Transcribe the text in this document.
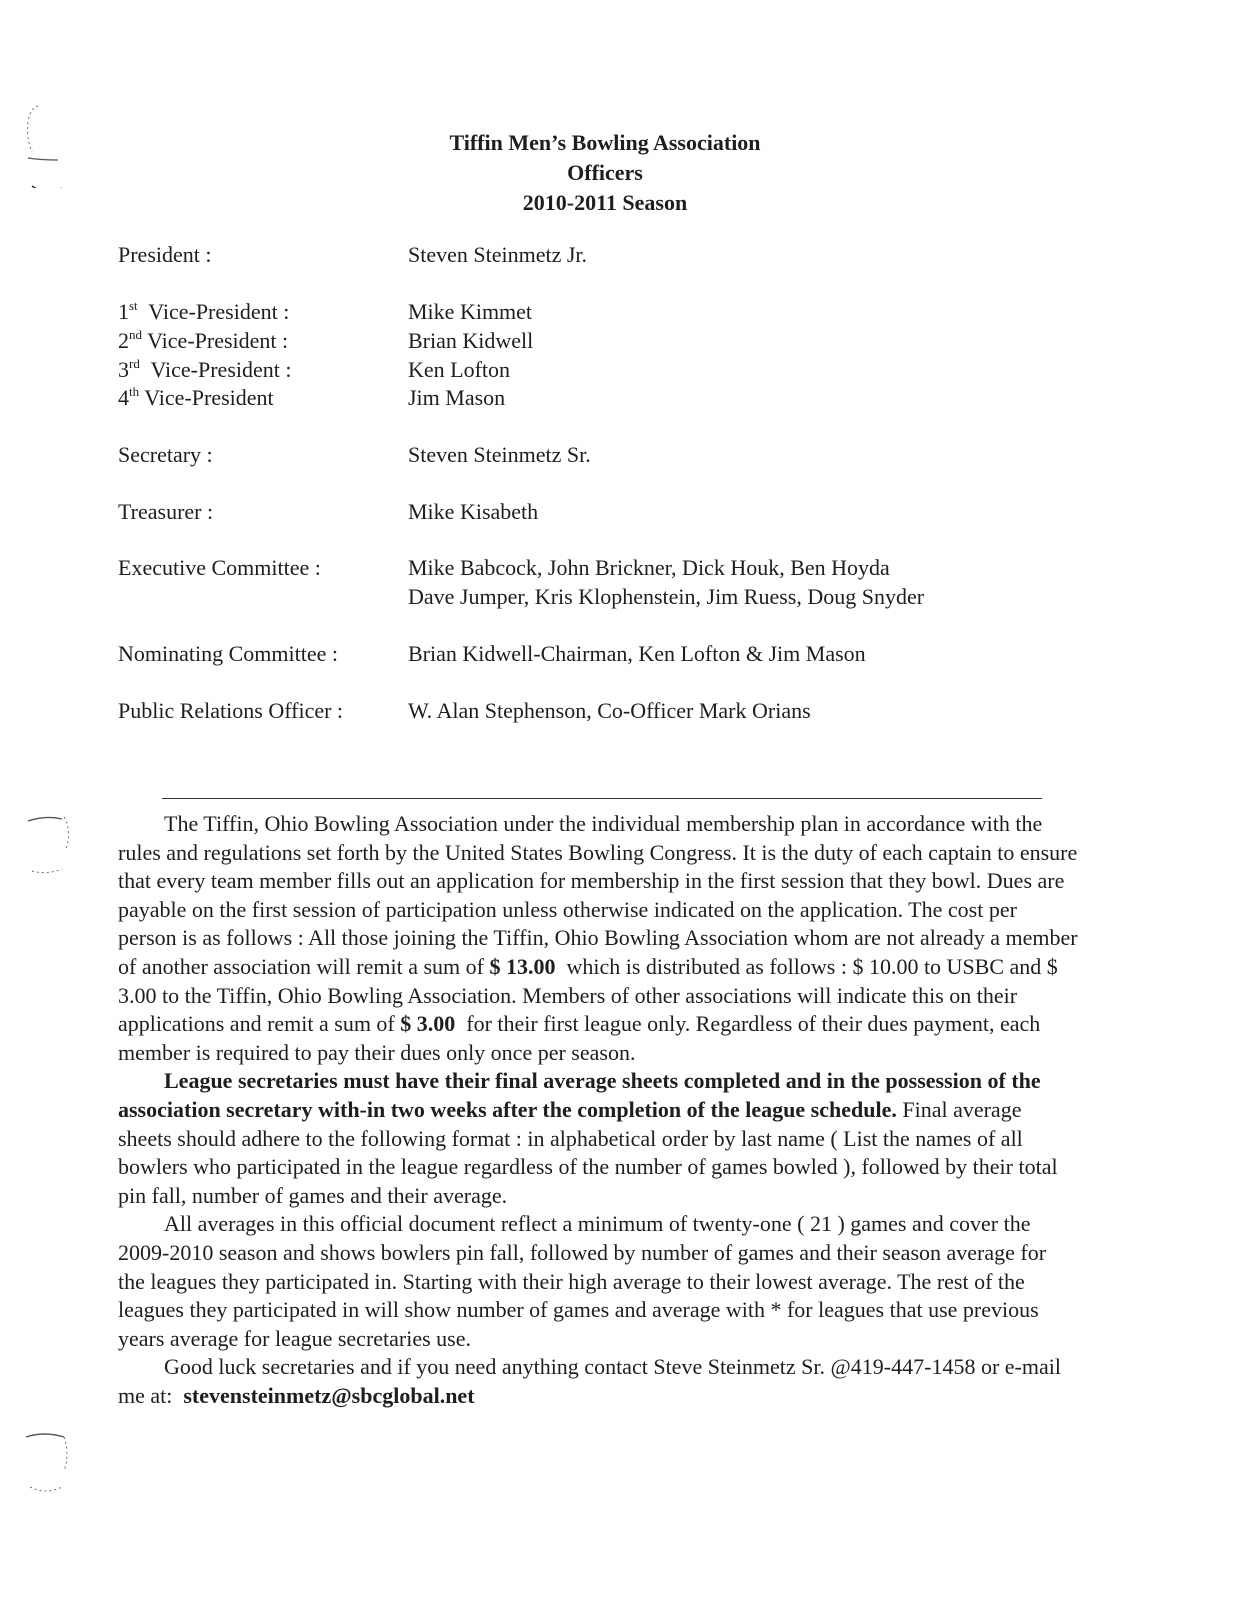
Tiffin Men’s Bowling Association
Officers
2010-2011 Season
President :	Steven Steinmetz Jr.
1st Vice-President :	Mike Kimmet
2nd Vice-President :	Brian Kidwell
3rd Vice-President :	Ken Lofton
4th Vice-President	Jim Mason
Secretary :	Steven Steinmetz Sr.
Treasurer :	Mike Kisabeth
Executive Committee :	Mike Babcock, John Brickner, Dick Houk, Ben Hoyda
Dave Jumper, Kris Klophenstein, Jim Ruess, Doug Snyder
Nominating Committee :	Brian Kidwell-Chairman, Ken Lofton & Jim Mason
Public Relations Officer :	W. Alan Stephenson, Co-Officer Mark Orians

The Tiffin, Ohio Bowling Association under the individual membership plan in accordance with the rules and regulations set forth by the United States Bowling Congress. It is the duty of each captain to ensure that every team member fills out an application for membership in the first session that they bowl. Dues are payable on the first session of participation unless otherwise indicated on the application. The cost per person is as follows : All those joining the Tiffin, Ohio Bowling Association whom are not already a member of another association will remit a sum of $ 13.00 which is distributed as follows : $ 10.00 to USBC and $ 3.00 to the Tiffin, Ohio Bowling Association. Members of other associations will indicate this on their applications and remit a sum of $ 3.00 for their first league only. Regardless of their dues payment, each member is required to pay their dues only once per season.

League secretaries must have their final average sheets completed and in the possession of the association secretary with-in two weeks after the completion of the league schedule. Final average sheets should adhere to the following format : in alphabetical order by last name ( List the names of all bowlers who participated in the league regardless of the number of games bowled ), followed by their total pin fall, number of games and their average.

All averages in this official document reflect a minimum of twenty-one ( 21 ) games and cover the 2009-2010 season and shows bowlers pin fall, followed by number of games and their season average for the leagues they participated in. Starting with their high average to their lowest average. The rest of the leagues they participated in will show number of games and average with * for leagues that use previous years average for league secretaries use.

Good luck secretaries and if you need anything contact Steve Steinmetz Sr. @419-447-1458 or e-mail me at: stevensteinmetz@sbcglobal.net
